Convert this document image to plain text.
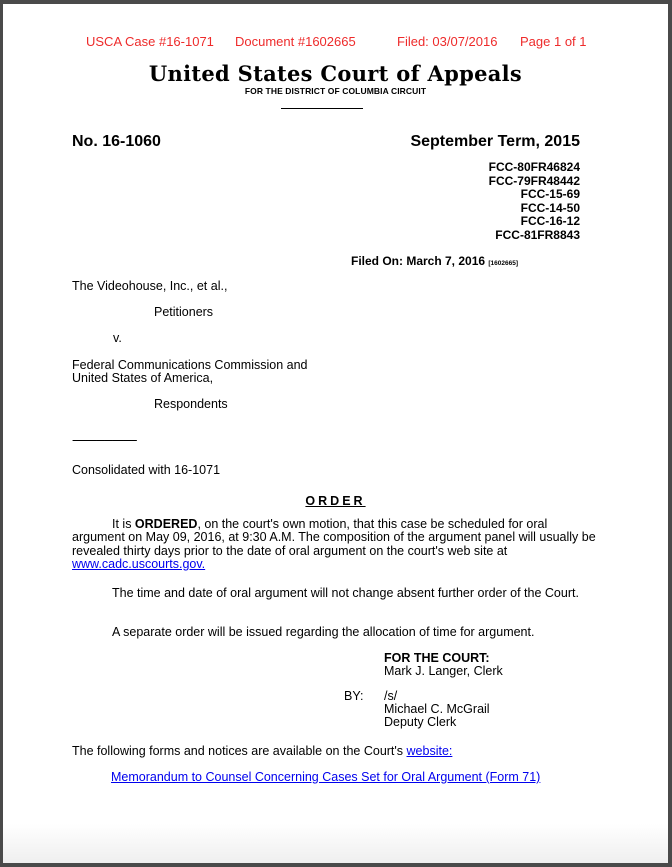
USCA Case #16-1071 Document #1602665	Filed: 03/07/2016 Page 1 of 1
United States Court of Appeals
FOR THE DISTRICT OF COLUMBIA CIRCUIT
No. 16-1060	September Term, 2015
FCC-80FR46824
FCC-79FR48442
FCC-15-69
FCC-14-50
FCC-16-12
FCC-81FR8843
Filed On: March 7, 2016 [1602665]
The Videohouse, Inc., et al.,
Petitioners
v.
Federal Communications Commission and
United States of America,
Respondents
------------------------
Consolidated with 16-1071
ORDER
It is ORDERED, on the court's own motion, that this case be scheduled for oral argument on May 09, 2016, at 9:30 A.M. The composition of the argument panel will usually be revealed thirty days prior to the date of oral argument on the court's web site at www.cadc.uscourts.gov.
The time and date of oral argument will not change absent further order of the Court.
A separate order will be issued regarding the allocation of time for argument.
FOR THE COURT:
Mark J. Langer, Clerk
BY: /s/
Michael C. McGrail
Deputy Clerk
The following forms and notices are available on the Court's website:
Memorandum to Counsel Concerning Cases Set for Oral Argument (Form 71)
